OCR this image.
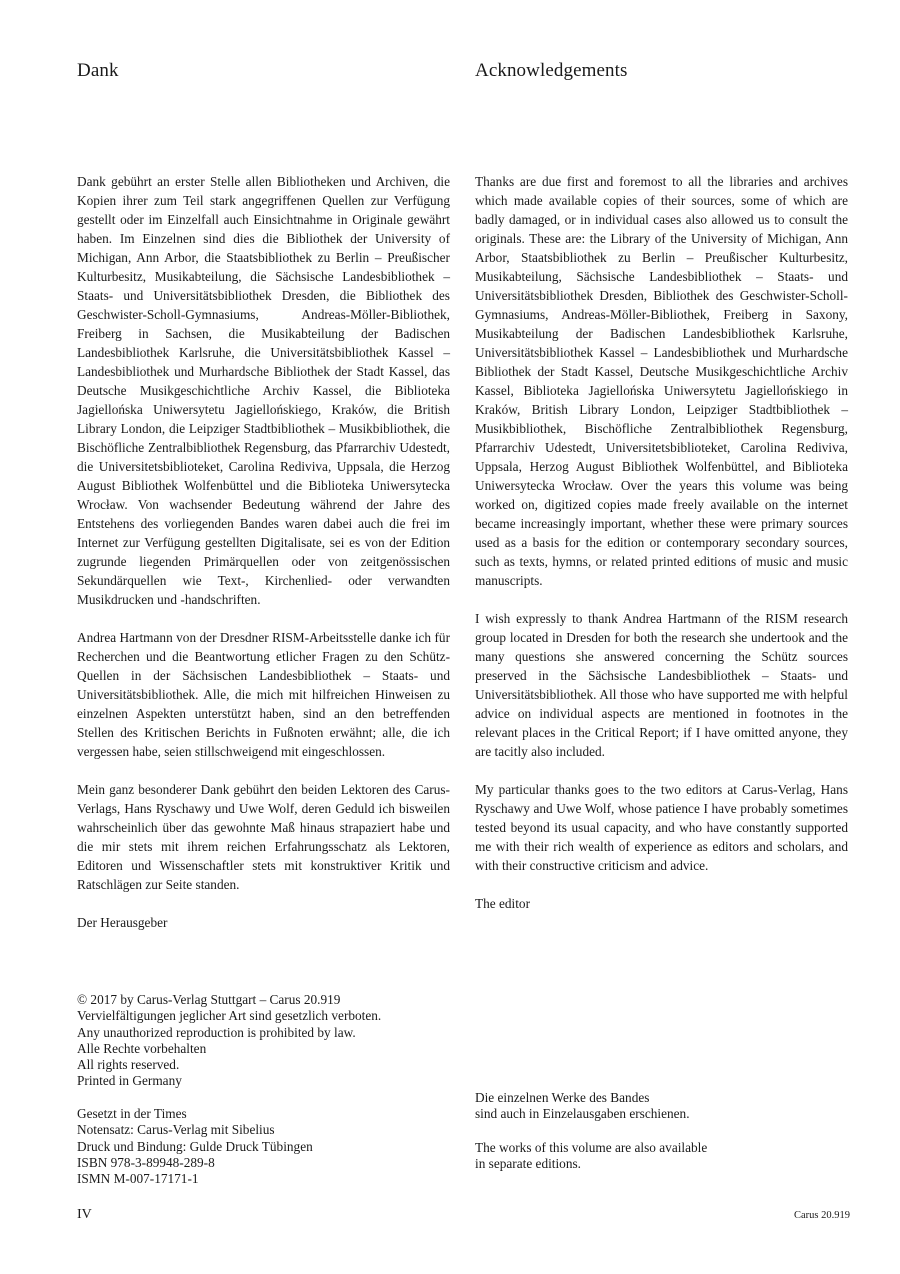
Dank	Acknowledgements

Dank gebührt an erster Stelle allen Bibliotheken und Archiven, die Kopien ihrer zum Teil stark angegriffenen Quellen zur Verfügung gestellt oder im Einzelfall auch Einsichtnahme in Originale gewährt haben. Im Einzelnen sind dies die Bibliothek der University of Michigan, Ann Arbor, die Staatsbibliothek zu Berlin – Preußischer Kulturbesitz, Musikabteilung, die Sächsische Landesbibliothek – Staats- und Universitätsbibliothek Dresden, die Bibliothek des Geschwister-Scholl-Gymnasiums, Andreas-Möller-Bibliothek, Freiberg in Sachsen, die Musikabteilung der Badischen Landesbibliothek Karlsruhe, die Universitätsbibliothek Kassel – Landesbibliothek und Murhardsche Bibliothek der Stadt Kassel, das Deutsche Musikgeschichtliche Archiv Kassel, die Biblioteka Jagiellońska Uniwersytetu Jagiellońskiego, Kraków, die British Library London, die Leipziger Stadtbibliothek – Musikbibliothek, die Bischöfliche Zentralbibliothek Regensburg, das Pfarrarchiv Udestedt, die Universitetsbiblioteket, Carolina Rediviva, Uppsala, die Herzog August Bibliothek Wolfenbüttel und die Biblioteka Uniwersytecka Wrocław. Von wachsender Bedeutung während der Jahre des Entstehens des vorliegenden Bandes waren dabei auch die frei im Internet zur Verfügung gestellten Digitalisate, sei es von der Edition zugrunde liegenden Primärquellen oder von zeitgenössischen Sekundärquellen wie Text-, Kirchenlied- oder verwandten Musikdrucken und -handschriften.

Andrea Hartmann von der Dresdner RISM-Arbeitsstelle danke ich für Recherchen und die Beantwortung etlicher Fragen zu den Schütz-Quellen in der Sächsischen Landesbibliothek – Staats- und Universitätsbibliothek. Alle, die mich mit hilfreichen Hinweisen zu einzelnen Aspekten unterstützt haben, sind an den betreffenden Stellen des Kritischen Berichts in Fußnoten erwähnt; alle, die ich vergessen habe, seien stillschweigend mit eingeschlossen.

Mein ganz besonderer Dank gebührt den beiden Lektoren des Carus-Verlags, Hans Ryschawy und Uwe Wolf, deren Geduld ich bisweilen wahrscheinlich über das gewohnte Maß hinaus strapaziert habe und die mir stets mit ihrem reichen Erfahrungsschatz als Lektoren, Editoren und Wissenschaftler stets mit konstruktiver Kritik und Ratschlägen zur Seite standen.

Der Herausgeber

Thanks are due first and foremost to all the libraries and archives which made available copies of their sources, some of which are badly damaged, or in individual cases also allowed us to consult the originals. These are: the Library of the University of Michigan, Ann Arbor, Staatsbibliothek zu Berlin – Preußischer Kulturbesitz, Musikabteilung, Sächsische Landesbibliothek – Staats- und Universitätsbibliothek Dresden, Bibliothek des Geschwister-Scholl-Gymnasiums, Andreas-Möller-Bibliothek, Freiberg in Saxony, Musikabteilung der Badischen Landesbibliothek Karlsruhe, Universitätsbibliothek Kassel – Landesbibliothek und Murhardsche Bibliothek der Stadt Kassel, Deutsche Musikgeschichtliche Archiv Kassel, Biblioteka Jagiellońska Uniwersytetu Jagiellońskiego in Kraków, British Library London, Leipziger Stadtbibliothek – Musikbibliothek, Bischöfliche Zentralbibliothek Regensburg, Pfarrarchiv Udestedt, Universitetsbiblioteket, Carolina Rediviva, Uppsala, Herzog August Bibliothek Wolfenbüttel, and Biblioteka Uniwersytecka Wrocław. Over the years this volume was being worked on, digitized copies made freely available on the internet became increasingly important, whether these were primary sources used as a basis for the edition or contemporary secondary sources, such as texts, hymns, or related printed editions of music and music manuscripts.

I wish expressly to thank Andrea Hartmann of the RISM research group located in Dresden for both the research she undertook and the many questions she answered concerning the Schütz sources preserved in the Sächsische Landesbibliothek – Staats- und Universitätsbibliothek. All those who have supported me with helpful advice on individual aspects are mentioned in footnotes in the relevant places in the Critical Report; if I have omitted anyone, they are tacitly also included.

My particular thanks goes to the two editors at Carus-Verlag, Hans Ryschawy and Uwe Wolf, whose patience I have probably sometimes tested beyond its usual capacity, and who have constantly supported me with their rich wealth of experience as editors and scholars, and with their constructive criticism and advice.

The editor

© 2017 by Carus-Verlag Stuttgart – Carus 20.919
Vervielfältigungen jeglicher Art sind gesetzlich verboten.
Any unauthorized reproduction is prohibited by law.
Alle Rechte vorbehalten
All rights reserved.
Printed in Germany
Gesetzt in der Times
Notensatz: Carus-Verlag mit Sibelius
Druck und Bindung: Gulde Druck Tübingen
ISBN 978-3-89948-289-8
ISMN M-007-17171-1
Die einzelnen Werke des Bandes
sind auch in Einzelausgaben erschienen.
The works of this volume are also available
in separate editions.
IV	Carus 20.919
